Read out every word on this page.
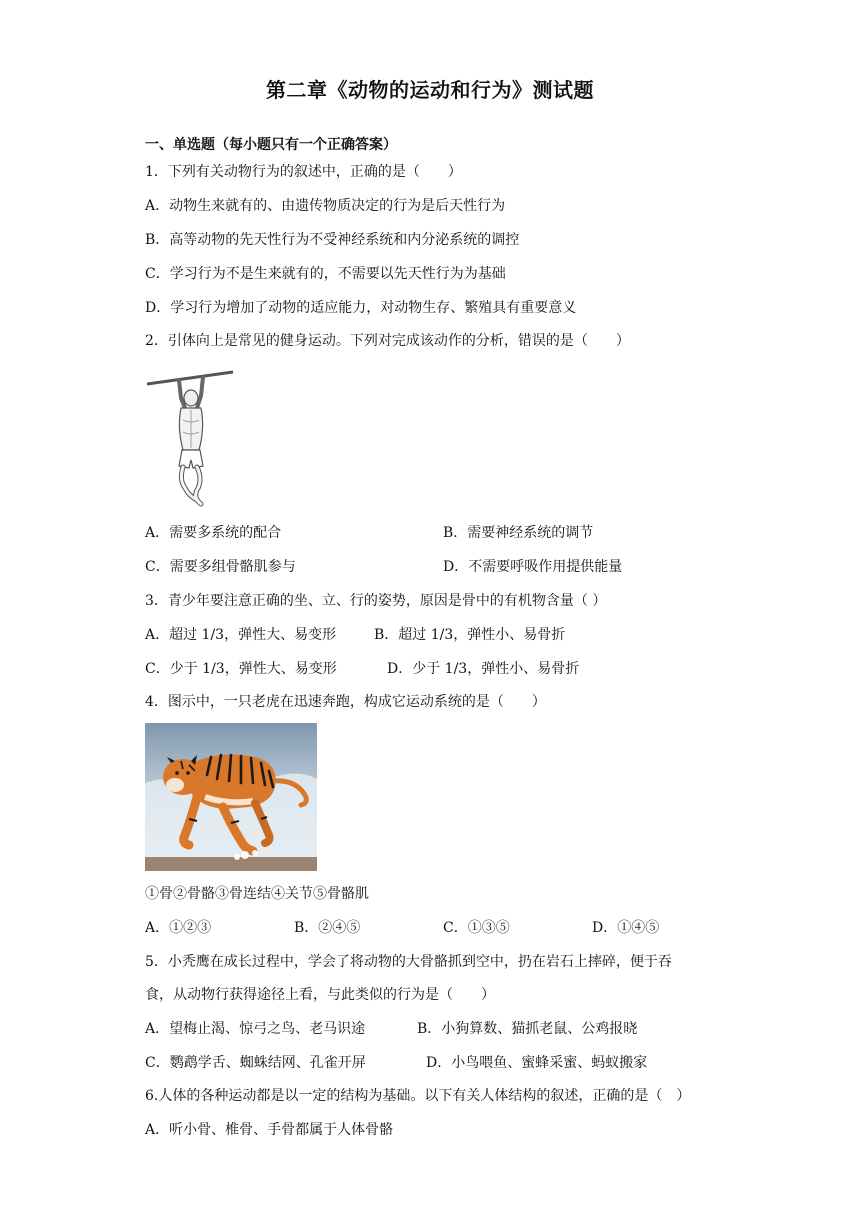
第二章《动物的运动和行为》测试题
一、单选题（每小题只有一个正确答案）
1．下列有关动物行为的叙述中，正确的是（　　）
A．动物生来就有的、由遗传物质决定的行为是后天性行为
B．高等动物的先天性行为不受神经系统和内分泌系统的调控
C．学习行为不是生来就有的，不需要以先天性行为为基础
D．学习行为增加了动物的适应能力，对动物生存、繁殖具有重要意义
2．引体向上是常见的健身运动。下列对完成该动作的分析，错误的是（　　）
A．需要多系统的配合	B．需要神经系统的调节
C．需要多组骨骼肌参与	D．不需要呼吸作用提供能量
3．青少年要注意正确的坐、立、行的姿势，原因是骨中的有机物含量（ ）
A．超过 1/3，弹性大、易变形	B．超过 1/3，弹性小、易骨折
C．少于 1/3，弹性大、易变形	D．少于 1/3，弹性小、易骨折
4．图示中，一只老虎在迅速奔跑，构成它运动系统的是（　　）
①骨②骨骼③骨连结④关节⑤骨骼肌
A．①②③	B．②④⑤	C．①③⑤	D．①④⑤
5．小秃鹰在成长过程中，学会了将动物的大骨骼抓到空中，扔在岩石上摔碎，便于吞
食，从动物行获得途径上看，与此类似的行为是（　　）
A．望梅止渴、惊弓之鸟、老马识途	B．小狗算数、猫抓老鼠、公鸡报晓
C．鹦鹉学舌、蜘蛛结网、孔雀开屏	D．小鸟喂鱼、蜜蜂采蜜、蚂蚁搬家
6.人体的各种运动都是以一定的结构为基础。以下有关人体结构的叙述，正确的是（　）
A．听小骨、椎骨、手骨都属于人体骨骼
